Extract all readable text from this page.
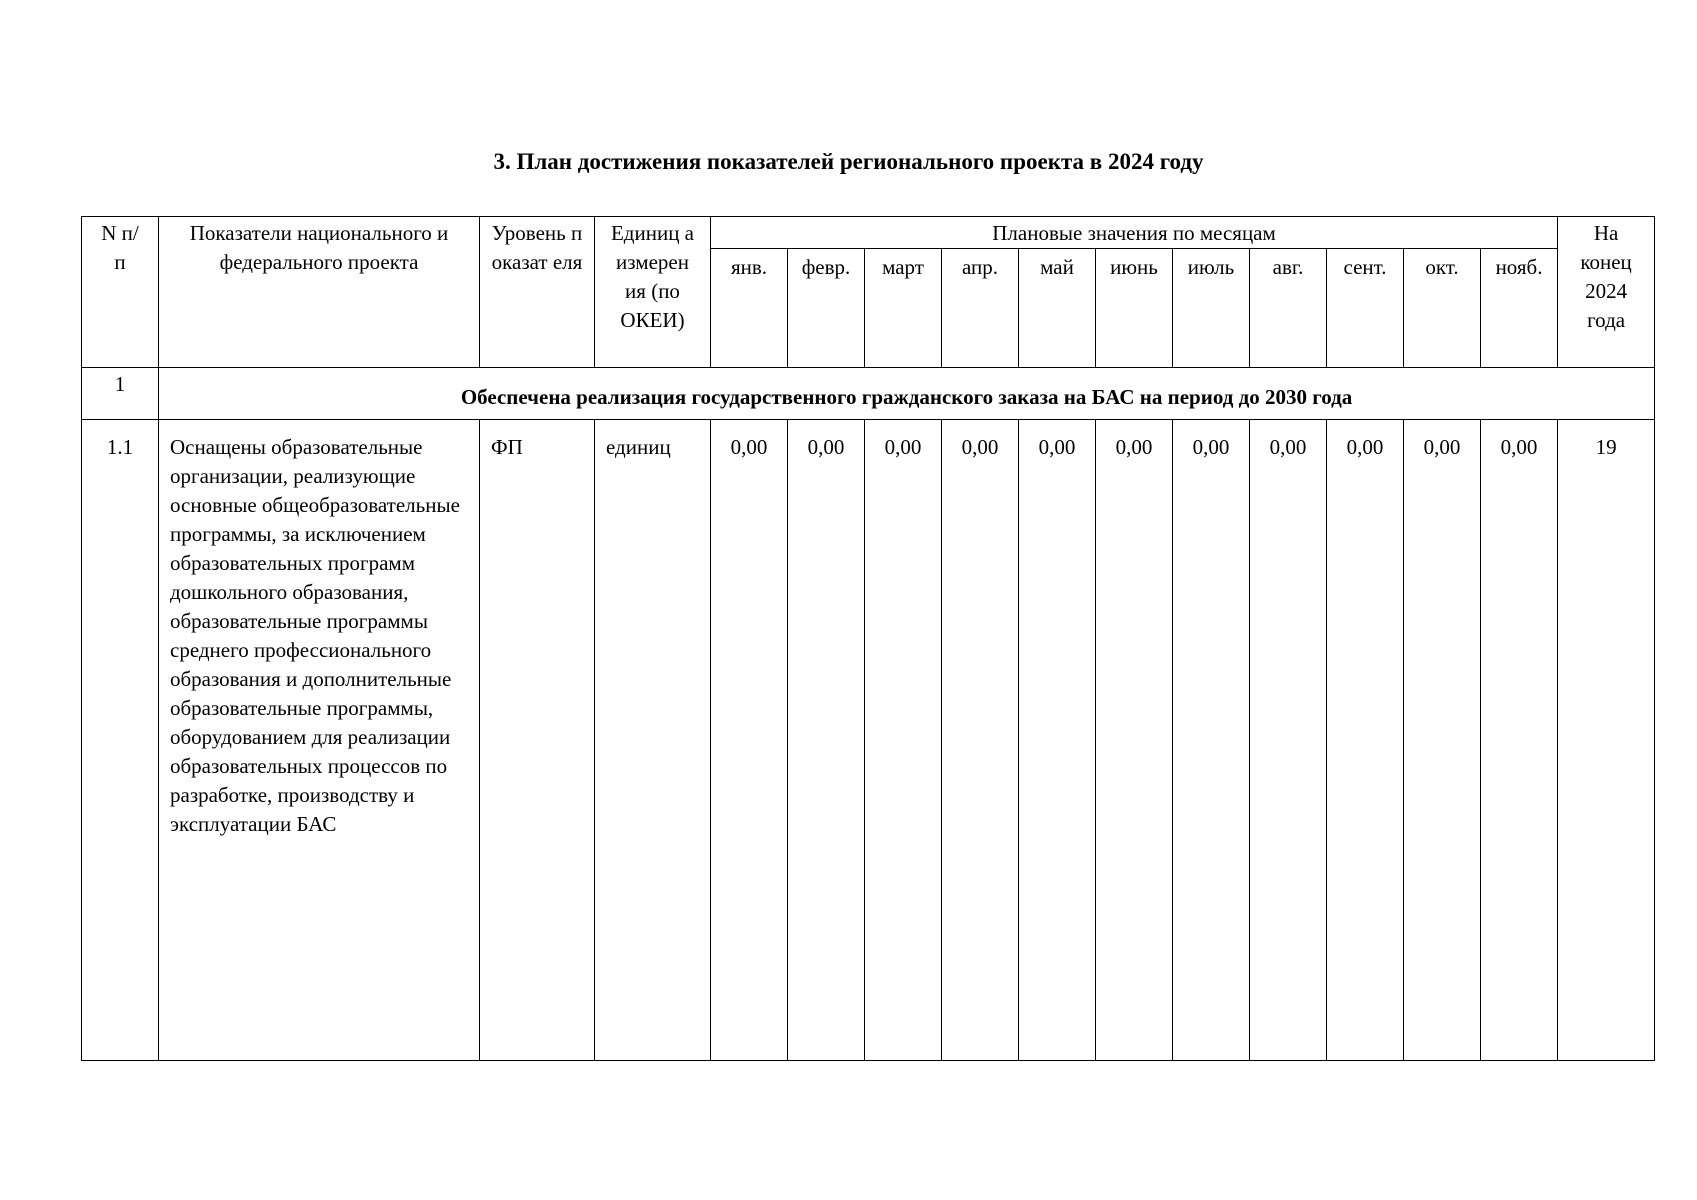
3. План достижения показателей регионального проекта в 2024 году
N п/п	Показатели национального и федерального проекта	Уровень показат еля	Единиц а измерен ия (по ОКЕИ)	Плановые значения по месяцам											На конец 2024 года

				янв.	февр.	март	апр.	май	июнь	июль	авг.	сент.	окт.	нояб.	
1	Обеспечена реализация государственного гражданского заказа на БАС на период до 2030 года														
1.1	Оснащены образовательные организации, реализующие основные общеобразовательные программы, за исключением образовательных программ дошкольного образования, образовательные программы среднего профессионального образования и дополнительные образовательные программы, оборудованием для реализации образовательных процессов по разработке, производству и эксплуатации БАС	ФП	единиц	0,00	0,00	0,00	0,00	0,00	0,00	0,00	0,00	0,00	0,00	0,00	19
